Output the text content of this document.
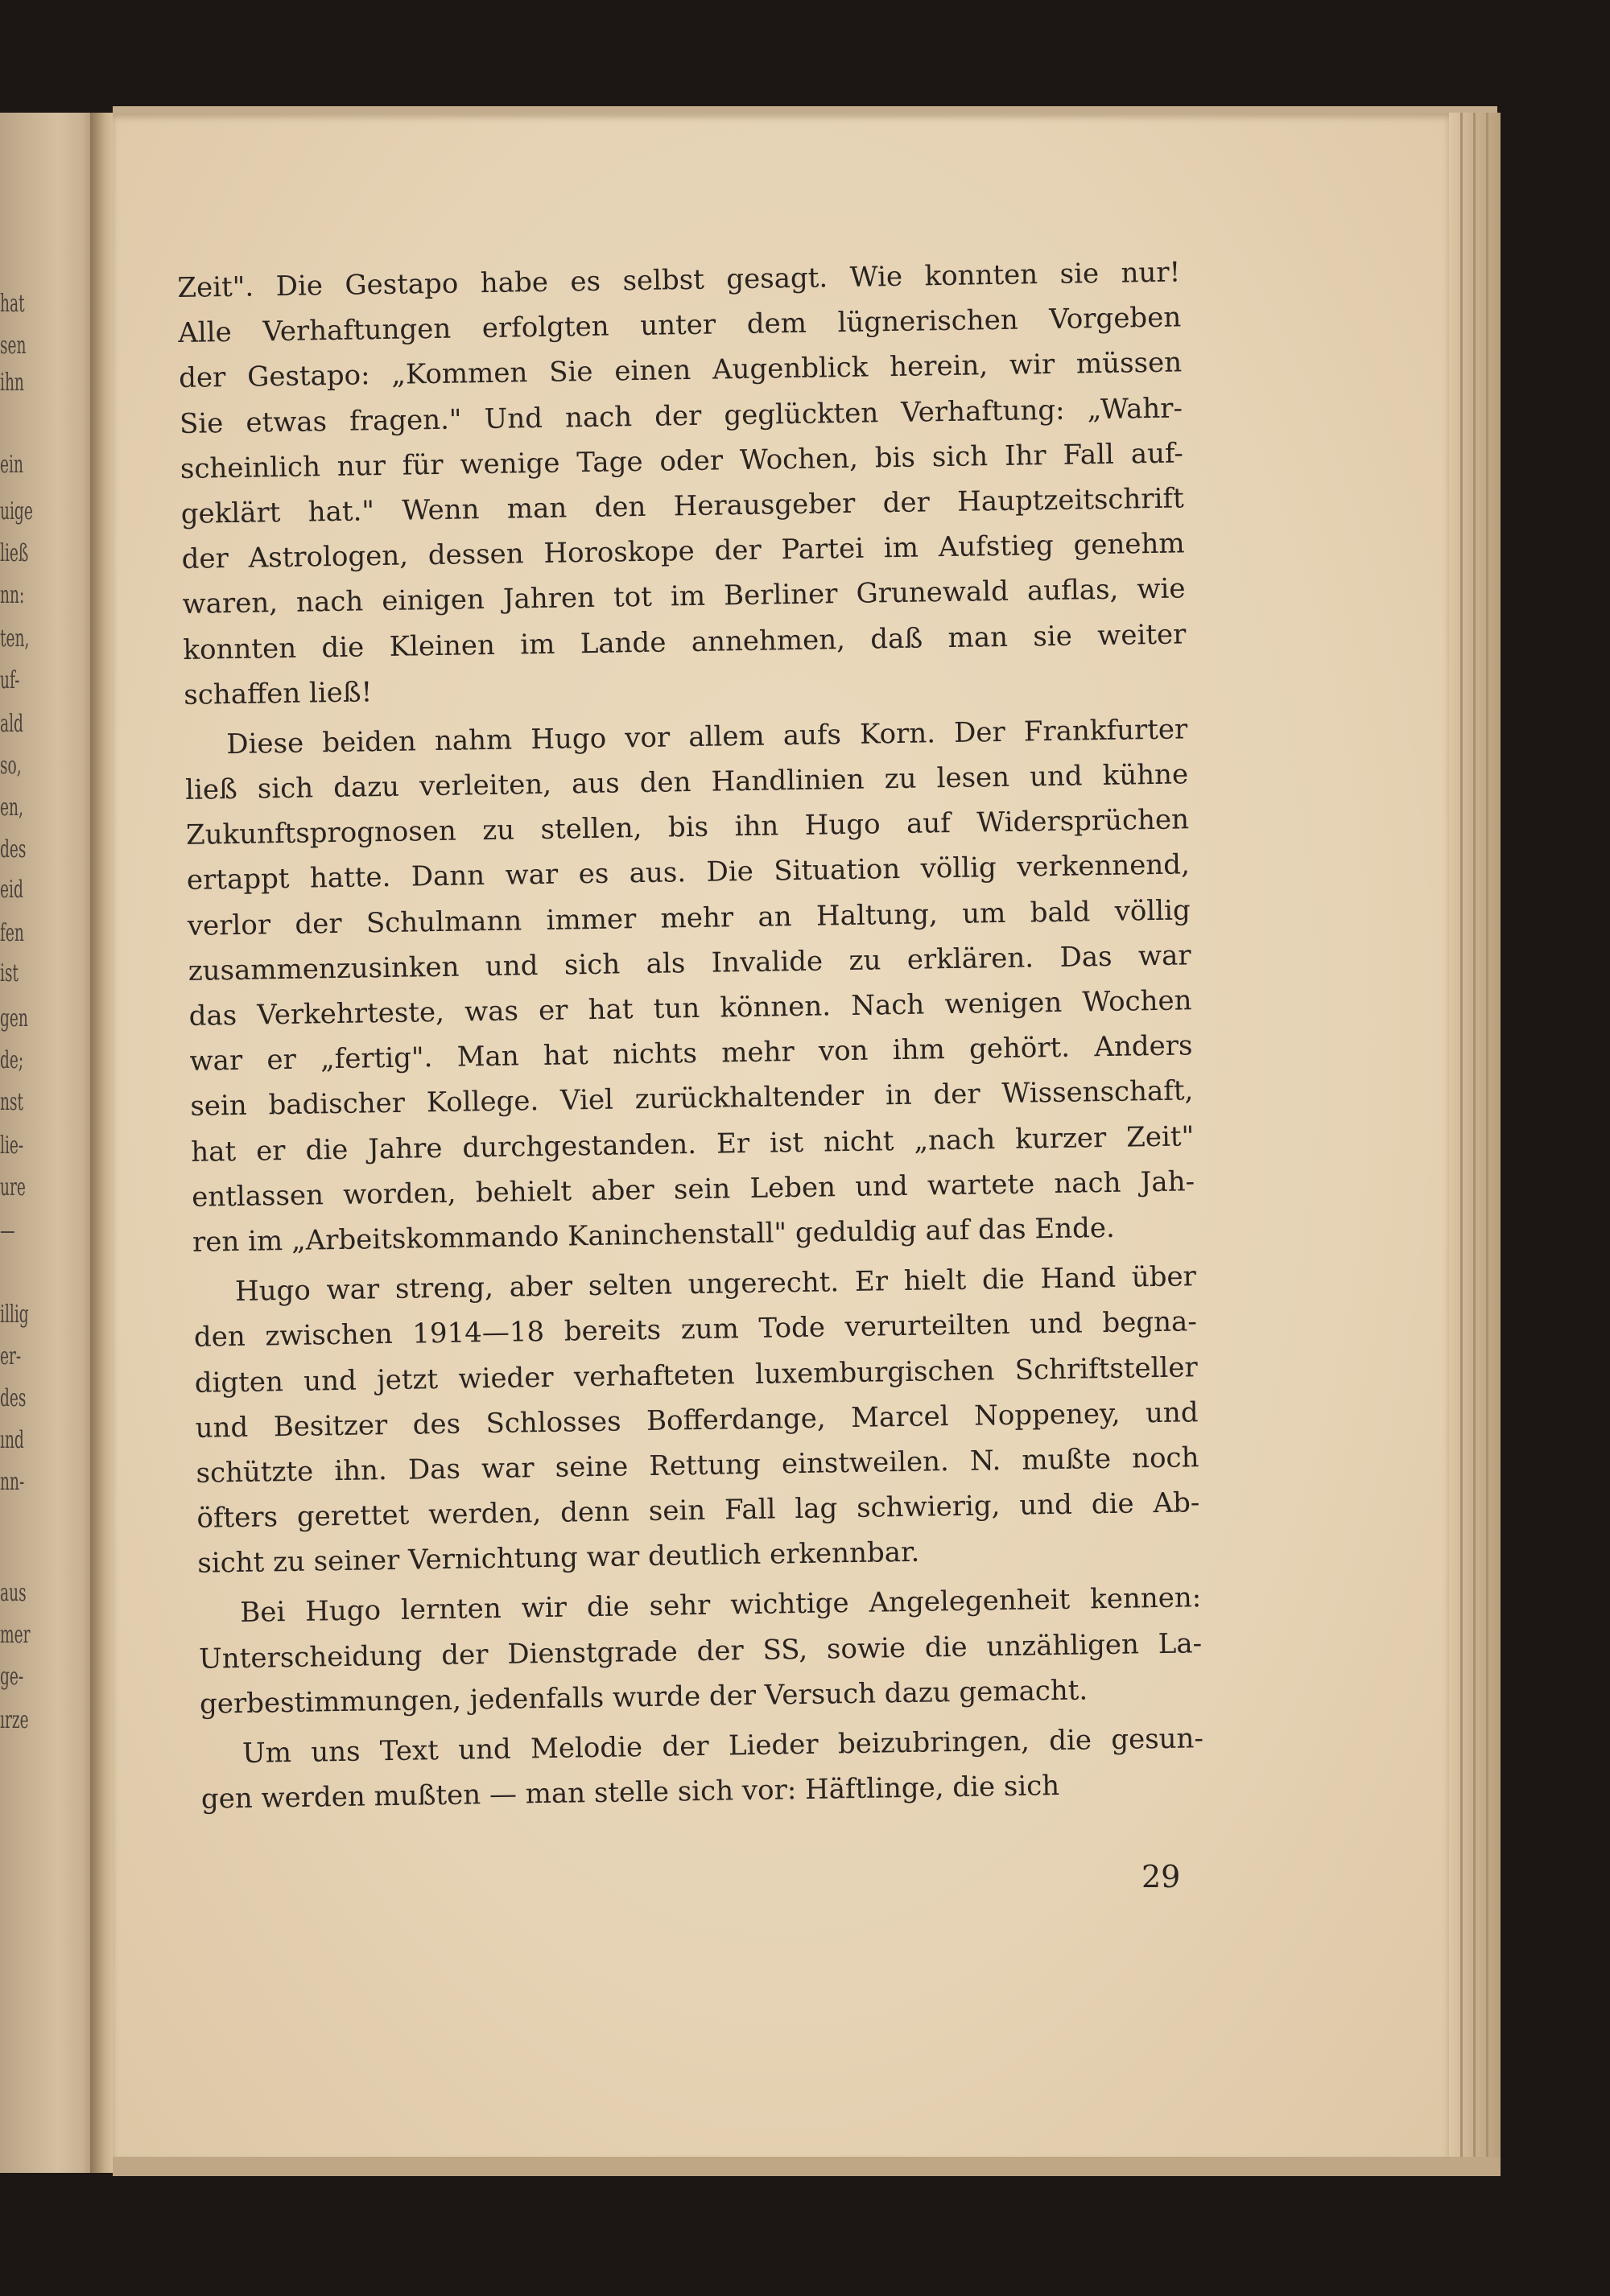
hat
sen
ihn
ein
uige
ließ
nn:
ten,
uf-
ald
so,
en,
des
eid
fen
ist
gen
de;
nst
lie-
ure
—
illig
er-
des
ınd
nn-
aus
mer
ge-
ırze
Zeit". Die Gestapo habe es selbst gesagt. Wie konnten sie nur!
Alle Verhaftungen erfolgten unter dem lügnerischen Vorgeben
der Gestapo: „Kommen Sie einen Augenblick herein, wir müssen
Sie etwas fragen." Und nach der geglückten Verhaftung: „Wahr-
scheinlich nur für wenige Tage oder Wochen, bis sich Ihr Fall auf-
geklärt hat." Wenn man den Herausgeber der Hauptzeitschrift
der Astrologen, dessen Horoskope der Partei im Aufstieg genehm
waren, nach einigen Jahren tot im Berliner Grunewald auflas, wie
konnten die Kleinen im Lande annehmen, daß man sie weiter
schaffen ließ!
Diese beiden nahm Hugo vor allem aufs Korn. Der Frankfurter
ließ sich dazu verleiten, aus den Handlinien zu lesen und kühne
Zukunftsprognosen zu stellen, bis ihn Hugo auf Widersprüchen
ertappt hatte. Dann war es aus. Die Situation völlig verkennend,
verlor der Schulmann immer mehr an Haltung, um bald völlig
zusammenzusinken und sich als Invalide zu erklären. Das war
das Verkehrteste, was er hat tun können. Nach wenigen Wochen
war er „fertig". Man hat nichts mehr von ihm gehört. Anders
sein badischer Kollege. Viel zurückhaltender in der Wissenschaft,
hat er die Jahre durchgestanden. Er ist nicht „nach kurzer Zeit"
entlassen worden, behielt aber sein Leben und wartete nach Jah-
ren im „Arbeitskommando Kaninchenstall" geduldig auf das Ende.
Hugo war streng, aber selten ungerecht. Er hielt die Hand über
den zwischen 1914—18 bereits zum Tode verurteilten und begna-
digten und jetzt wieder verhafteten luxemburgischen Schriftsteller
und Besitzer des Schlosses Bofferdange, Marcel Noppeney, und
schützte ihn. Das war seine Rettung einstweilen. N. mußte noch
öfters gerettet werden, denn sein Fall lag schwierig, und die Ab-
sicht zu seiner Vernichtung war deutlich erkennbar.
Bei Hugo lernten wir die sehr wichtige Angelegenheit kennen:
Unterscheidung der Dienstgrade der SS, sowie die unzähligen La-
gerbestimmungen, jedenfalls wurde der Versuch dazu gemacht.
Um uns Text und Melodie der Lieder beizubringen, die gesun-
gen werden mußten — man stelle sich vor: Häftlinge, die sich
29
